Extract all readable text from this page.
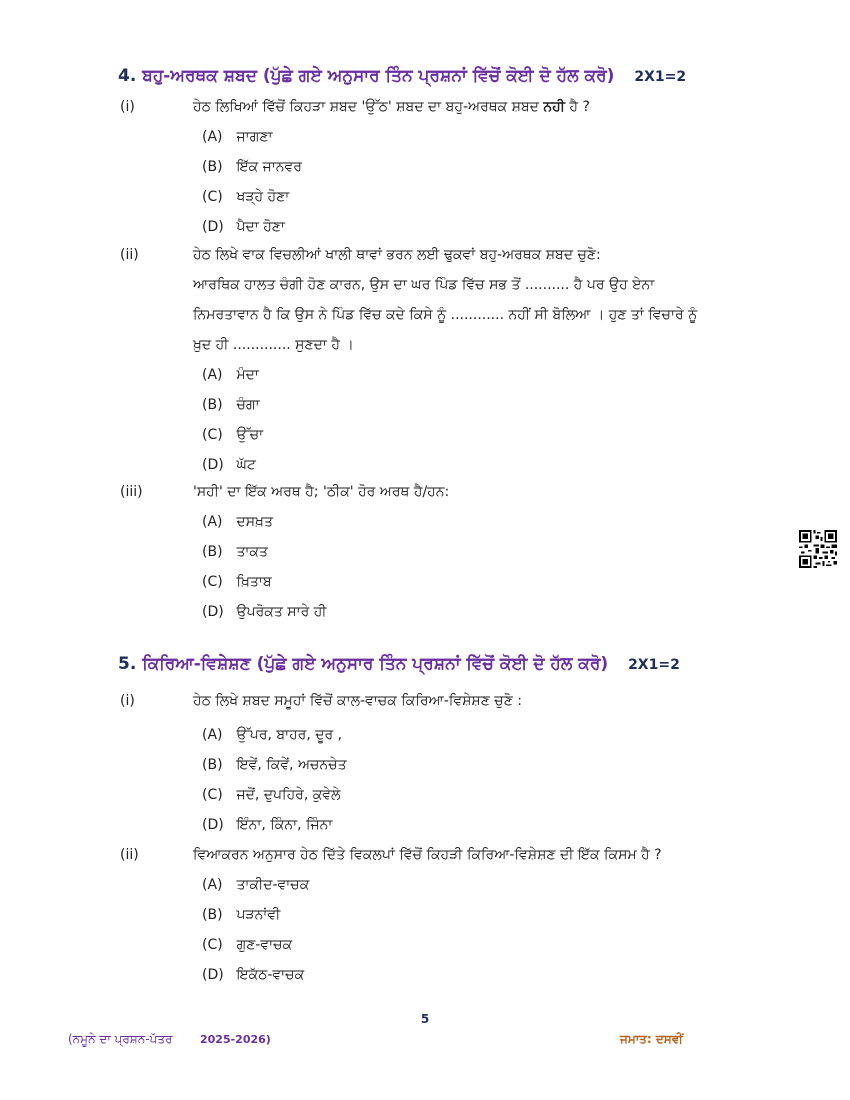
4. ਬਹੁ-ਅਰਥਕ ਸ਼ਬਦ (ਪੁੱਛੇ ਗਏ ਅਨੁਸਾਰ ਤਿੰਨ ਪ੍ਰਸ਼ਨਾਂ ਵਿੱਚੋਂ ਕੋਈ ਦੋ ਹੱਲ ਕਰੋ) 2X1=2
(i)	ਹੇਠ ਲਿਖਿਆਂ ਵਿੱਚੋਂ ਕਿਹੜਾ ਸ਼ਬਦ 'ਉੱਠ' ਸ਼ਬਦ ਦਾ ਬਹੁ-ਅਰਥਕ ਸ਼ਬਦ ਨਹੀ ਹੈ ?
(A) ਜਾਗਣਾ
(B) ਇੱਕ ਜਾਨਵਰ
(C) ਖੜ੍ਹੇ ਹੋਣਾ
(D) ਪੈਦਾ ਹੋਣਾ
(ii)	ਹੇਠ ਲਿਖੇ ਵਾਕ ਵਿਚਲੀਆਂ ਖਾਲੀ ਥਾਵਾਂ ਭਰਨ ਲਈ ਢੁਕਵਾਂ ਬਹੁ-ਅਰਥਕ ਸ਼ਬਦ ਚੁਣੋ:
ਆਰਥਿਕ ਹਾਲਤ ਚੰਗੀ ਹੋਣ ਕਾਰਨ, ਉਸ ਦਾ ਘਰ ਪਿੰਡ ਵਿੱਚ ਸਭ ਤੋਂ .......... ਹੈ ਪਰ ਉਹ ਏਨਾ
ਨਿਮਰਤਾਵਾਨ ਹੈ ਕਿ ਉਸ ਨੇ ਪਿੰਡ ਵਿੱਚ ਕਦੇ ਕਿਸੇ ਨੂੰ ............ ਨਹੀਂ ਸੀ ਬੋਲਿਆ । ਹੁਣ ਤਾਂ ਵਿਚਾਰੇ ਨੂੰ
ਖ਼ੁਦ ਹੀ ............. ਸੁਣਦਾ ਹੈ ।
(A) ਮੰਦਾ
(B) ਚੰਗਾ
(C) ਉੱਚਾ
(D) ਘੱਟ
(iii)	'ਸਹੀ' ਦਾ ਇੱਕ ਅਰਥ ਹੈ; 'ਠੀਕ' ਹੋਰ ਅਰਥ ਹੈ/ਹਨ:
(A) ਦਸਖ਼ਤ
(B) ਤਾਕਤ
(C) ਖ਼ਿਤਾਬ
(D) ਉਪਰੋਕਤ ਸਾਰੇ ਹੀ
5. ਕਿਰਿਆ-ਵਿਸ਼ੇਸ਼ਣ (ਪੁੱਛੇ ਗਏ ਅਨੁਸਾਰ ਤਿੰਨ ਪ੍ਰਸ਼ਨਾਂ ਵਿੱਚੋਂ ਕੋਈ ਦੋ ਹੱਲ ਕਰੋ) 2X1=2
(i)	ਹੇਠ ਲਿਖੇ ਸ਼ਬਦ ਸਮੂਹਾਂ ਵਿੱਚੋਂ ਕਾਲ-ਵਾਚਕ ਕਿਰਿਆ-ਵਿਸ਼ੇਸ਼ਣ ਚੁਣੋ :
(A) ਉੱਪਰ, ਬਾਹਰ, ਦੂਰ ,
(B) ਇਵੇਂ, ਕਿਵੇਂ, ਅਚਨਚੇਤ
(C) ਜਦੋਂ, ਦੁਪਹਿਰੇ, ਕੁਵੇਲੇ
(D) ਇੰਨਾ, ਕਿੰਨਾ, ਜਿੰਨਾ
(ii)	ਵਿਆਕਰਨ ਅਨੁਸਾਰ ਹੇਠ ਦਿੱਤੇ ਵਿਕਲਪਾਂ ਵਿੱਚੋਂ ਕਿਹੜੀ ਕਿਰਿਆ-ਵਿਸ਼ੇਸ਼ਣ ਦੀ ਇੱਕ ਕਿਸਮ ਹੈ ?
(A) ਤਾਕੀਦ-ਵਾਚਕ
(B) ਪੜਨਾਂਵੀ
(C) ਗੁਣ-ਵਾਚਕ
(D) ਇਕੱਠ-ਵਾਚਕ
5
(ਨਮੂਨੇ ਦਾ ਪ੍ਰਸ਼ਨ-ਪੱਤਰ	2025-2026)	ਜਮਾਤ: ਦਸਵੀਂ
